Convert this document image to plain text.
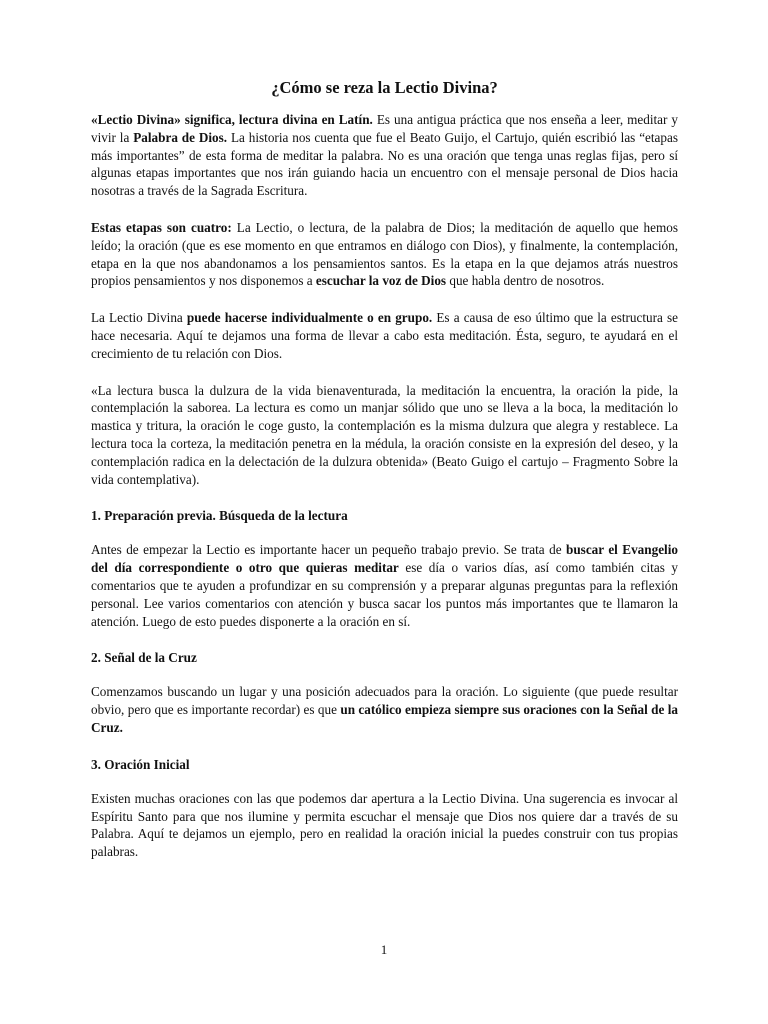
¿Cómo se reza la Lectio Divina?

«Lectio Divina» significa, lectura divina en Latín. Es una antigua práctica que nos enseña a leer, meditar y vivir la Palabra de Dios. La historia nos cuenta que fue el Beato Guijo, el Cartujo, quién escribió las “etapas más importantes” de esta forma de meditar la palabra. No es una oración que tenga unas reglas fijas, pero sí algunas etapas importantes que nos irán guiando hacia un encuentro con el mensaje personal de Dios hacia nosotras a través de la Sagrada Escritura.

Estas etapas son cuatro: La Lectio, o lectura, de la palabra de Dios; la meditación de aquello que hemos leído; la oración (que es ese momento en que entramos en diálogo con Dios), y finalmente, la contemplación, etapa en la que nos abandonamos a los pensamientos santos. Es la etapa en la que dejamos atrás nuestros propios pensamientos y nos disponemos a escuchar la voz de Dios que habla dentro de nosotros.

La Lectio Divina puede hacerse individualmente o en grupo. Es a causa de eso último que la estructura se hace necesaria. Aquí te dejamos una forma de llevar a cabo esta meditación. Ésta, seguro, te ayudará en el crecimiento de tu relación con Dios.

«La lectura busca la dulzura de la vida bienaventurada, la meditación la encuentra, la oración la pide, la contemplación la saborea. La lectura es como un manjar sólido que uno se lleva a la boca, la meditación lo mastica y tritura, la oración le coge gusto, la contemplación es la misma dulzura que alegra y restablece. La lectura toca la corteza, la meditación penetra en la médula, la oración consiste en la expresión del deseo, y la contemplación radica en la delectación de la dulzura obtenida» (Beato Guigo el cartujo – Fragmento Sobre la vida contemplativa).

1. Preparación previa. Búsqueda de la lectura

Antes de empezar la Lectio es importante hacer un pequeño trabajo previo. Se trata de buscar el Evangelio del día correspondiente o otro que quieras meditar ese día o varios días, así como también citas y comentarios que te ayuden a profundizar en su comprensión y a preparar algunas preguntas para la reflexión personal. Lee varios comentarios con atención y busca sacar los puntos más importantes que te llamaron la atención. Luego de esto puedes disponerte a la oración en sí.

2. Señal de la Cruz

Comenzamos buscando un lugar y una posición adecuados para la oración. Lo siguiente (que puede resultar obvio, pero que es importante recordar) es que un católico empieza siempre sus oraciones con la Señal de la Cruz.

3. Oración Inicial

Existen muchas oraciones con las que podemos dar apertura a la Lectio Divina. Una sugerencia es invocar al Espíritu Santo para que nos ilumine y permita escuchar el mensaje que Dios nos quiere dar a través de su Palabra. Aquí te dejamos un ejemplo, pero en realidad la oración inicial la puedes construir con tus propias palabras.

1
